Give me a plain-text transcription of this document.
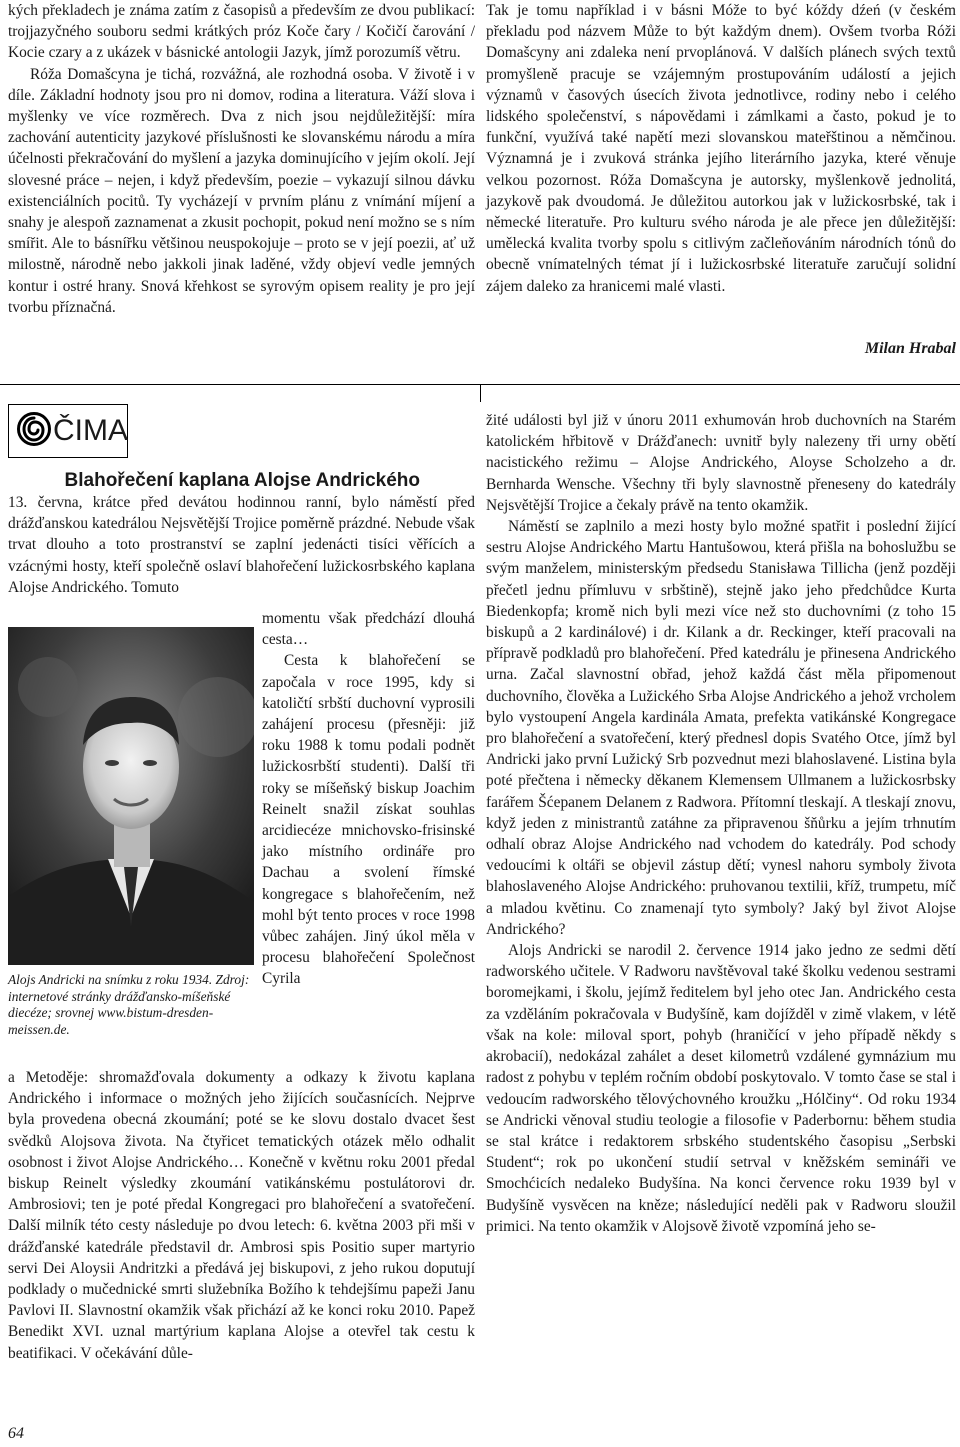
kých překladech je známa zatím z časopisů a především ze dvou publikací: trojjazyčného souboru sedmi krátkých próz Koče čary / Kočičí čarování / Kocie czary a z ukázek v básnické antologii Jazyk, jímž porozumíš větru.

Róža Domašcyna je tichá, rozvážná, ale rozhodná osoba. V životě i v díle. Základní hodnoty jsou pro ni domov, rodina a literatura. Váží slova i myšlenky ve více rozměrech. Dva z nich jsou nejdůležitější: míra zachování autenticity jazykové příslušnosti ke slovanskému národu a míra účelnosti překračování do myšlení a jazyka dominujícího v jejím okolí. Její slovesné práce – nejen, i když především, poezie – vykazují silnou dávku existenciálních pocitů. Ty vycházejí v prvním plánu z vnímání míjení a snahy je alespoň zaznamenat a zkusit pochopit, pokud není možno se s ním smířit. Ale to básnířku většinou neuspokojuje – proto se v její poezii, ať už milostně, národně nebo jakkoli jinak laděné, vždy objeví vedle jemných kontur i ostré hrany. Snová křehkost se syrovým opisem reality je pro její tvorbu příznačná.

Tak je tomu například i v básni Móže to być kóždy dźeń (v českém překladu pod názvem Může to být každým dnem). Ovšem tvorba Róži Domašcyny ani zdaleka není prvoplánová. V dalších plánech svých textů promyšleně pracuje se vzájemným prostupováním událostí a jejich významů v časových úsecích života jednotlivce, rodiny nebo i celého lidského společenství, s nápovědami i zámlkami a často, pokud je to funkční, využívá také napětí mezi slovanskou mateřštinou a němčinou. Významná je i zvuková stránka jejího literárního jazyka, které věnuje velkou pozornost. Róža Domašcyna je autorsky, myšlenkově jednolitá, jazykově pak dvoudomá. Je důležitou autorkou jak v lužickosrbské, tak i německé literatuře. Pro kulturu svého národa je ale přece jen důležitější: umělecká kvalita tvorby spolu s citlivým začleňováním národních tónů do obecně vnímatelných témat jí i lužickosrbské literatuře zaručují solidní zájem daleko za hranicemi malé vlasti.

Milan Hrabal
ČIMA
Blahořečení kaplana Alojse Andrického

13. června, krátce před devátou hodinnou ranní, bylo náměstí před drážďanskou katedrálou Nejsvětější Trojice poměrně prázdné. Nebude však trvat dlouho a toto prostranství se zaplní jedenácti tisíci věřících a vzácnými hosty, kteří společně oslaví blahořečení lužickosrbského kaplana Alojse Andrického. Tomuto

Alojs Andricki na snímku z roku 1934. Zdroj: internetové stránky drážďansko-míšeňské diecéze; srovnej www.bistum-dresden-meissen.de.

momentu však předchází dlouhá cesta…

Cesta k blahořečení se započala v roce 1995, kdy si katoličtí srbští duchovní vyprosili zahájení procesu (přesněji: již roku 1988 k tomu podali podnět lužickosrbští studenti). Další tři roky se míšeňský biskup Joachim Reinelt snažil získat souhlas arcidiecéze mnichovsko-frisinské jako místního ordináře pro Dachau a svolení římské kongregace s blahořečením, než mohl být tento proces v roce 1998 vůbec zahájen. Jiný úkol měla v procesu blahořečení Společnost Cyrila

a Metoděje: shromažďovala dokumenty a odkazy k životu kaplana Andrického i informace o možných jeho žijících současnících. Nejprve byla provedena obecná zkoumání; poté se ke slovu dostalo dvacet šest svědků Alojsova života. Na čtyřicet tematických otázek mělo odhalit osobnost i život Alojse Andrického… Konečně v květnu roku 2001 předal biskup Reinelt výsledky zkoumání vatikánskému postulátorovi dr. Ambrosiovi; ten je poté předal Kongregaci pro blahořečení a svatořečení. Další milník této cesty následuje po dvou letech: 6. května 2003 při mši v drážďanské katedrále představil dr. Ambrosi spis Positio super martyrio servi Dei Aloysii Andritzki a předává jej biskupovi, z jeho rukou doputují podklady o mučednické smrti služebníka Božího k tehdejšímu papeži Janu Pavlovi II. Slavnostní okamžik však přichází až ke konci roku 2010. Papež Benedikt XVI. uznal martýrium kaplana Alojse a otevřel tak cestu k beatifikaci. V očekávání důle-

žité události byl již v únoru 2011 exhumován hrob duchovních na Starém katolickém hřbitově v Drážďanech: uvnitř byly nalezeny tři urny obětí nacistického režimu – Alojse Andrického, Aloyse Scholzeho a dr. Bernharda Wensche. Všechny tři byly slavnostně přeneseny do katedrály Nejsvětější Trojice a čekaly právě na tento okamžik.

Náměstí se zaplnilo a mezi hosty bylo možné spatřit i poslední žijící sestru Alojse Andrického Martu Hantušowou, která přišla na bohoslužbu se svým manželem, ministerským předsedu Stanisława Tillicha (jenž později přečetl jednu přímluvu v srbštině), stejně jako jeho předchůdce Kurta Biedenkopfa; kromě nich byli mezi více než sto duchovními (z toho 15 biskupů a 2 kardinálové) i dr. Kilank a dr. Reckinger, kteří pracovali na přípravě podkladů pro blahořečení. Před katedrálu je přinesena Andrického urna. Začal slavnostní obřad, jehož každá část měla připomenout duchovního, člověka a Lužického Srba Alojse Andrického a jehož vrcholem bylo vystoupení Angela kardinála Amata, prefekta vatikánské Kongregace pro blahořečení a svatořečení, který přednesl dopis Svatého Otce, jímž byl Andricki jako první Lužický Srb pozvednut mezi blahoslavené. Listina byla poté přečtena i německy děkanem Klemensem Ullmanem a lužickosrbsky farářem Šćepanem Delanem z Radwora. Přítomní tleskají. A tleskají znovu, když jeden z ministrantů zatáhne za připravenou šňůrku a jejím trhnutím odhalí obraz Alojse Andrického nad vchodem do katedrály. Pod schody vedoucími k oltáři se objevil zástup dětí; vynesl nahoru symboly života blahoslaveného Alojse Andrického: pruhovanou textilii, kříž, trumpetu, míč a mladou květinu. Co znamenají tyto symboly? Jaký byl život Alojse Andrického?

Alojs Andricki se narodil 2. července 1914 jako jedno ze sedmi dětí radworského učitele. V Radworu navštěvoval také školku vedenou sestrami boromejkami, i školu, jejímž ředitelem byl jeho otec Jan. Andrického cesta za vzděláním pokračovala v Budyšíně, kam dojížděl v zimě vlakem, v létě však na kole: miloval sport, pohyb (hraničící v jeho případě někdy s akrobacií), nedokázal zahálet a deset kilometrů vzdálené gymnázium mu radost z pohybu v teplém ročním období poskytovalo. V tomto čase se stal i vedoucím radworského tělovýchovného kroužku „Hólčiny“. Od roku 1934 se Andricki věnoval studiu teologie a filosofie v Paderbornu: během studia se stal krátce i redaktorem srbského studentského časopisu „Serbski Student“; rok po ukončení studií setrval v kněžském semináři ve Smochćicích nedaleko Budyšína. Na konci července roku 1939 byl v Budyšíně vysvěcen na kněze; následující neděli pak v Radworu sloužil primici. Na tento okamžik v Alojsově životě vzpomíná jeho se-

64
